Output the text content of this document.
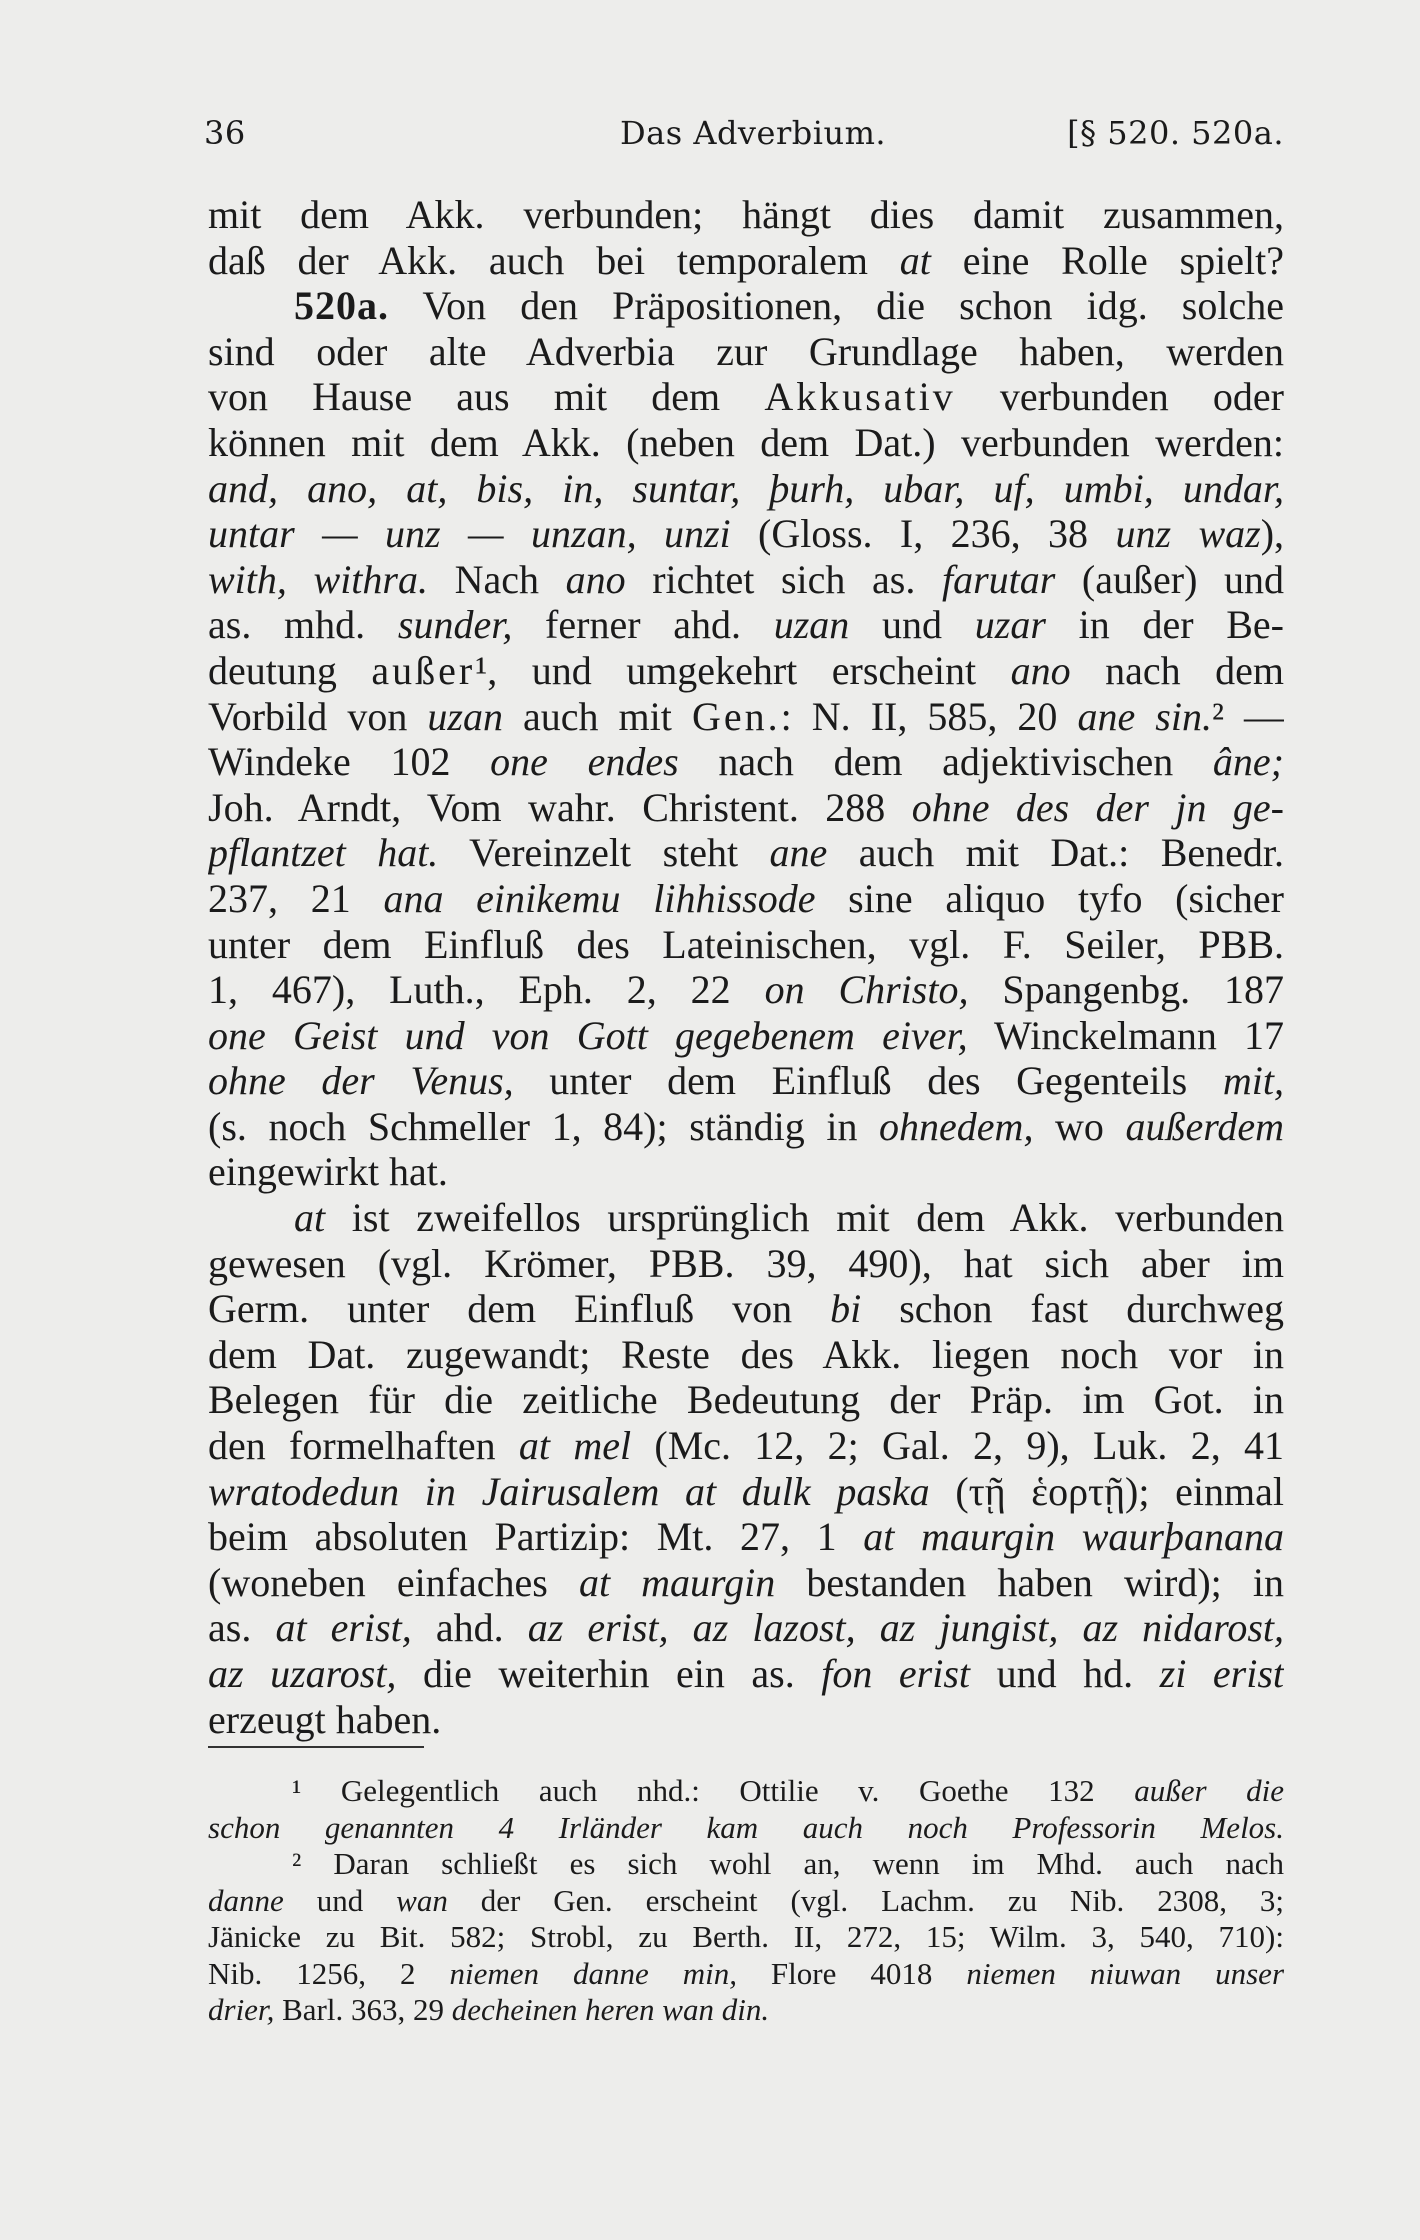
36	Das Adverbium.	[§ 520. 520a.
mit dem Akk. verbunden; hängt dies damit zusammen,
daß der Akk. auch bei temporalem at eine Rolle spielt?
520a. Von den Präpositionen, die schon idg. solche
sind oder alte Adverbia zur Grundlage haben, werden
von Hause aus mit dem Akkusativ verbunden oder
können mit dem Akk. (neben dem Dat.) verbunden werden:
and, ano, at, bis, in, suntar, þurh, ubar, uf, umbi, undar,
untar — unz — unzan, unzi (Gloss. I, 236, 38 unz waz),
with, withra. Nach ano richtet sich as. farutar (außer) und
as. mhd. sunder, ferner ahd. uzan und uzar in der Be-
deutung außer¹, und umgekehrt erscheint ano nach dem
Vorbild von uzan auch mit Gen.: N. II, 585, 20 ane sin.² —
Windeke 102 one endes nach dem adjektivischen âne;
Joh. Arndt, Vom wahr. Christent. 288 ohne des der jn ge-
pflantzet hat. Vereinzelt steht ane auch mit Dat.: Benedr.
237, 21 ana einikemu lihhissode sine aliquo tyfo (sicher
unter dem Einfluß des Lateinischen, vgl. F. Seiler, PBB.
1, 467), Luth., Eph. 2, 22 on Christo, Spangenbg. 187
one Geist und von Gott gegebenem eiver, Winckelmann 17
ohne der Venus, unter dem Einfluß des Gegenteils mit,
(s. noch Schmeller 1, 84); ständig in ohnedem, wo außerdem
eingewirkt hat.
at ist zweifellos ursprünglich mit dem Akk. verbunden
gewesen (vgl. Krömer, PBB. 39, 490), hat sich aber im
Germ. unter dem Einfluß von bi schon fast durchweg
dem Dat. zugewandt; Reste des Akk. liegen noch vor in
Belegen für die zeitliche Bedeutung der Präp. im Got. in
den formelhaften at mel (Mc. 12, 2; Gal. 2, 9), Luk. 2, 41
wratodedun in Jairusalem at dulk paska (τῇ ἑορτῇ); einmal
beim absoluten Partizip: Mt. 27, 1 at maurgin waurþanana
(woneben einfaches at maurgin bestanden haben wird); in
as. at erist, ahd. az erist, az lazost, az jungist, az nidarost,
az uzarost, die weiterhin ein as. fon erist und hd. zi erist
erzeugt haben.
¹ Gelegentlich auch nhd.: Ottilie v. Goethe 132 außer die
schon genannten 4 Irländer kam auch noch Professorin Melos.
² Daran schließt es sich wohl an, wenn im Mhd. auch nach
danne und wan der Gen. erscheint (vgl. Lachm. zu Nib. 2308, 3;
Jänicke zu Bit. 582; Strobl, zu Berth. II, 272, 15; Wilm. 3, 540, 710):
Nib. 1256, 2 niemen danne min, Flore 4018 niemen niuwan unser
drier, Barl. 363, 29 decheinen heren wan din.
